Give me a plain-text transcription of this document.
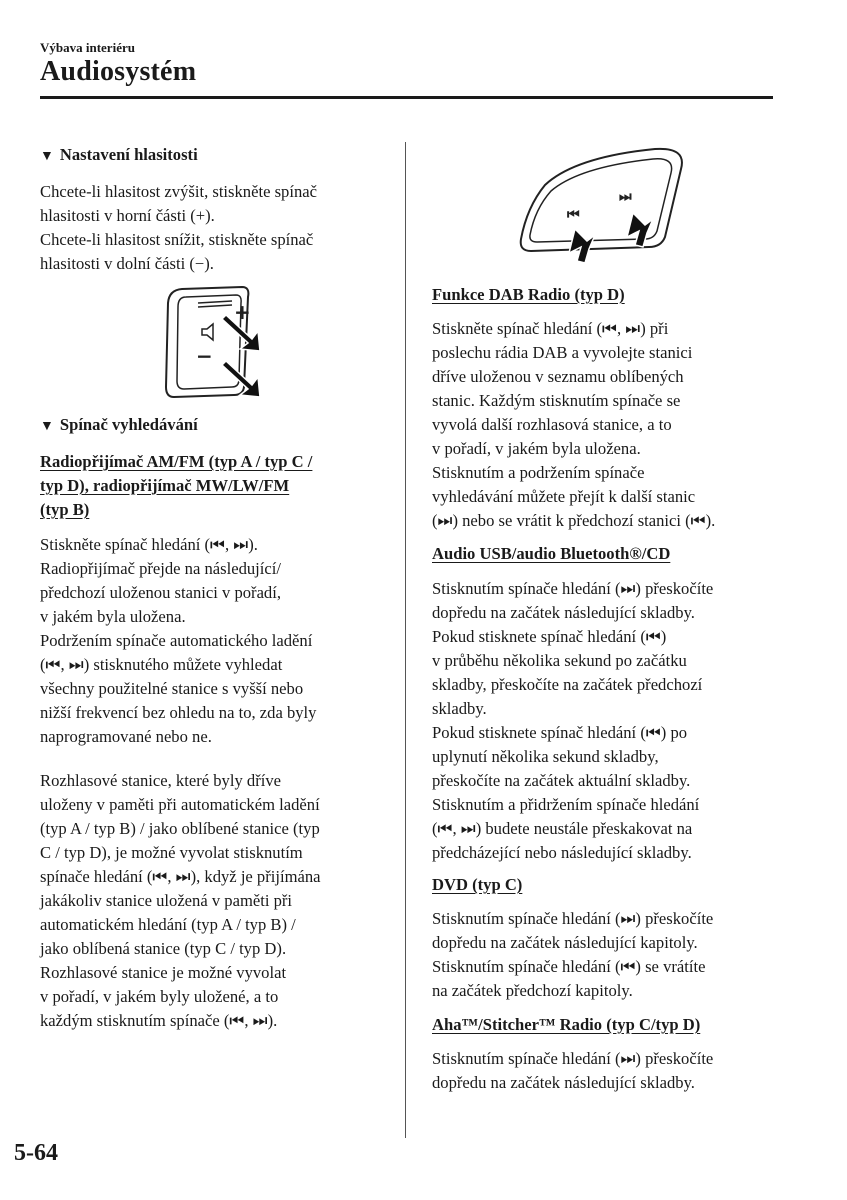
Výbava interiéru
Audiosystém
▼ Nastavení hlasitosti

Chcete-li hlasitost zvýšit, stiskněte spínač
hlasitosti v horní části (+).
Chcete-li hlasitost snížit, stiskněte spínač
hlasitosti v dolní části (−).

+
−
▼ Spínač vyhledávání
Radiopřijímač AM/FM (typ A / typ C /
typ D), radiopřijímač MW/LW/FM
(typ B)

Stiskněte spínač hledání (⏮, ⏭).
Radiopřijímač přejde na následující/
předchozí uloženou stanici v pořadí,
v jakém byla uložena.
Podržením spínače automatického ladění
(⏮, ⏭) stisknutého můžete vyhledat
všechny použitelné stanice s vyšší nebo
nižší frekvencí bez ohledu na to, zda byly
naprogramované nebo ne.

Rozhlasové stanice, které byly dříve
uloženy v paměti při automatickém ladění
(typ A / typ B) / jako oblíbené stanice (typ
C / typ D), je možné vyvolat stisknutím
spínače hledání (⏮, ⏭), když je přijímána
jakákoliv stanice uložená v paměti při
automatickém hledání (typ A / typ B) /
jako oblíbená stanice (typ C / typ D).
Rozhlasové stanice je možné vyvolat
v pořadí, v jakém byly uložené, a to
každým stisknutím spínače (⏮, ⏭).

⏮
⏭
Funkce DAB Radio (typ D)

Stiskněte spínač hledání (⏮, ⏭) při
poslechu rádia DAB a vyvolejte stanici
dříve uloženou v seznamu oblíbených
stanic. Každým stisknutím spínače se
vyvolá další rozhlasová stanice, a to
v pořadí, v jakém byla uložena.
Stisknutím a podržením spínače
vyhledávání můžete přejít k další stanic
(⏭) nebo se vrátit k předchozí stanici (⏮).

Audio USB/audio Bluetooth®/CD

Stisknutím spínače hledání (⏭) přeskočíte
dopředu na začátek následující skladby.
Pokud stisknete spínač hledání (⏮)
v průběhu několika sekund po začátku
skladby, přeskočíte na začátek předchozí
skladby.
Pokud stisknete spínač hledání (⏮) po
uplynutí několika sekund skladby,
přeskočíte na začátek aktuální skladby.
Stisknutím a přidržením spínače hledání
(⏮, ⏭) budete neustále přeskakovat na
předcházející nebo následující skladby.

DVD (typ C)

Stisknutím spínače hledání (⏭) přeskočíte
dopředu na začátek následující kapitoly.
Stisknutím spínače hledání (⏮) se vrátíte
na začátek předchozí kapitoly.

Aha™/Stitcher™ Radio (typ C/typ D)

Stisknutím spínače hledání (⏭) přeskočíte
dopředu na začátek následující skladby.

5-64
